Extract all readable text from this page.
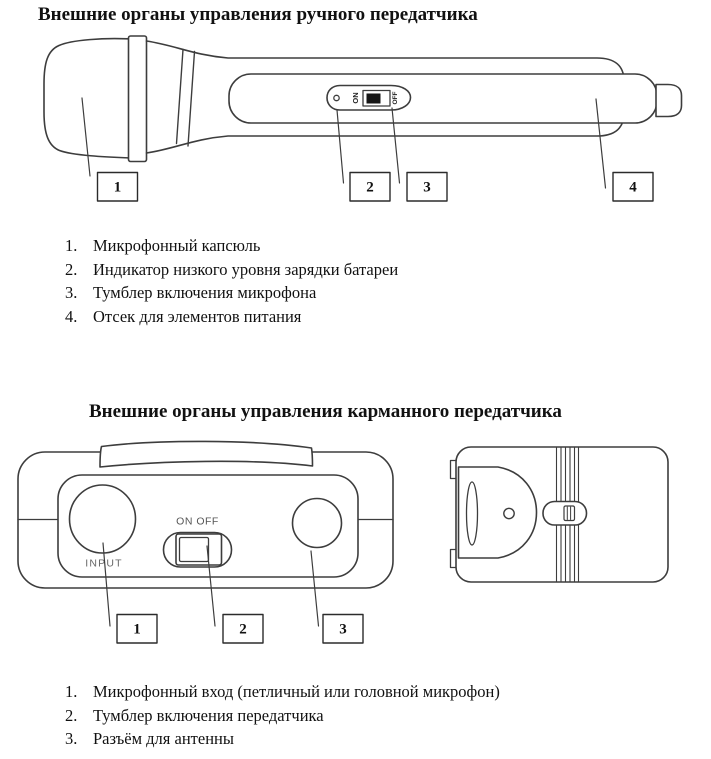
ON	OFF
1	2	3	4
ON OFF
INPUT
1	2	3
Внешние органы управления ручного передатчика
1. Микрофонный капсюль
2. Индикатор низкого уровня зарядки батареи
3. Тумблер включения микрофона
4. Отсек для элементов питания
Внешние органы управления карманного передатчика
1. Микрофонный вход (петличный или головной микрофон)
2. Тумблер включения передатчика
3. Разъём для антенны
